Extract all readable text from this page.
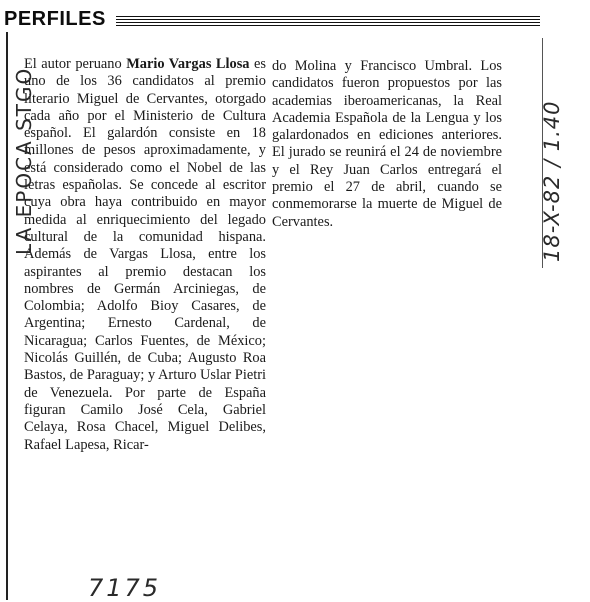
PERFILES

El autor peruano Mario Vargas Llosa es uno de los 36 candidatos al premio literario Miguel de Cervantes, otorgado cada año por el Ministerio de Cultura español. El galardón consiste en 18 millones de pesos aproximadamente, y está considerado como el Nobel de las letras españolas. Se concede al escritor cuya obra haya contribuido en mayor medida al enriquecimiento del legado cultural de la comunidad hispana. Además de Vargas Llosa, entre los aspirantes al premio destacan los nombres de Germán Arciniegas, de Colombia; Adolfo Bioy Casares, de Argentina; Ernesto Cardenal, de Nicaragua; Carlos Fuentes, de México; Nicolás Guillén, de Cuba; Augusto Roa Bastos, de Paraguay; y Arturo Uslar Pietri de Venezuela. Por parte de España figuran Camilo José Cela, Gabriel Celaya, Rosa Chacel, Miguel Delibes, Rafael Lapesa, Ricar-

do Molina y Francisco Umbral. Los candidatos fueron propuestos por las academias iberoamericanas, la Real Academia Española de la Lengua y los galardonados en ediciones anteriores. El jurado se reunirá el 24 de noviembre y el Rey Juan Carlos entregará el premio el 27 de abril, cuando se conmemorarse la muerte de Miguel de Cervantes.

LA EPOCA STGO	18-X-82 / 1.40
7175
